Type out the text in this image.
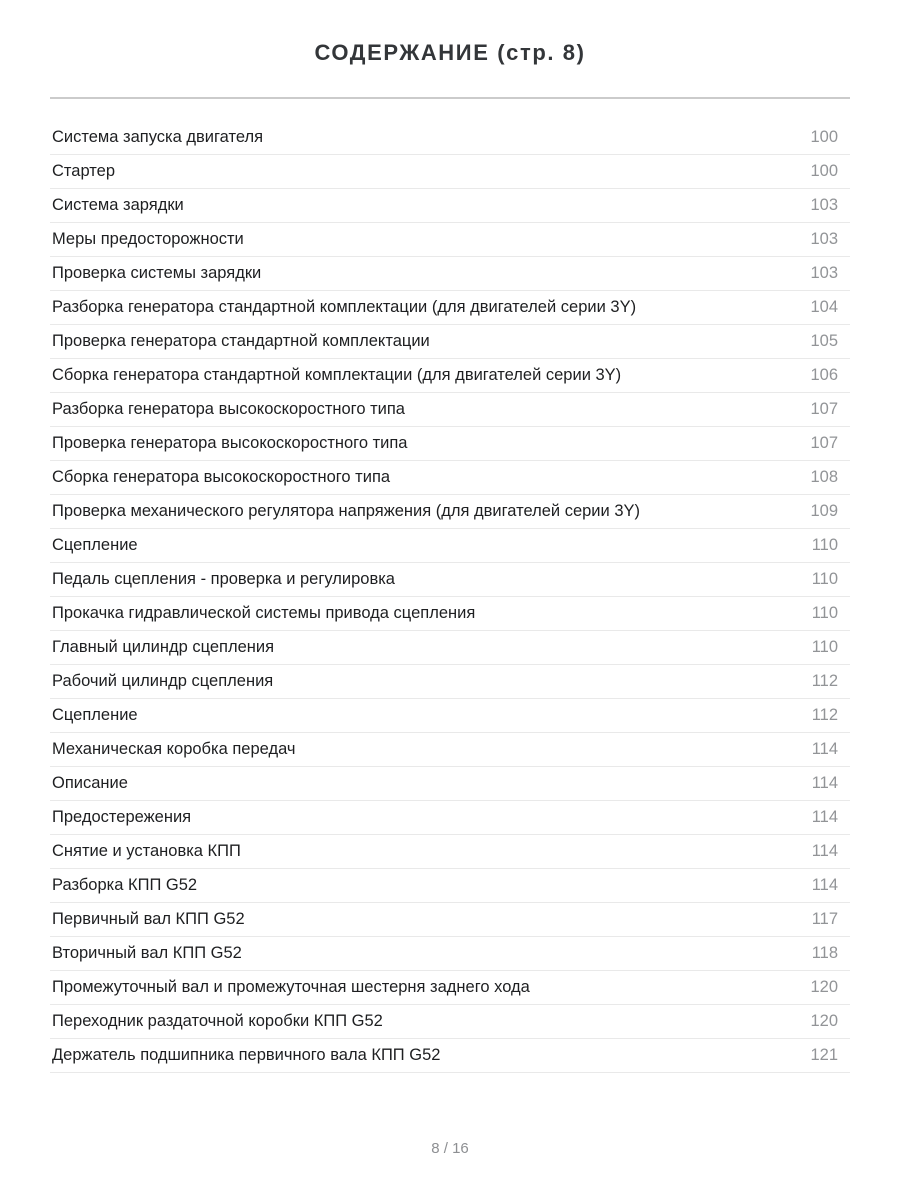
СОДЕРЖАНИЕ (стр. 8)
Система запуска двигателя	100
Стартер	100
Система зарядки	103
Меры предосторожности	103
Проверка системы зарядки	103
Разборка генератора стандартной комплектации (для двигателей серии 3Y)	104
Проверка генератора стандартной комплектации	105
Сборка генератора стандартной комплектации (для двигателей серии 3Y)	106
Разборка генератора высокоскоростного типа	107
Проверка генератора высокоскоростного типа	107
Сборка генератора высокоскоростного типа	108
Проверка механического регулятора напряжения (для двигателей серии 3Y)	109
Сцепление	110
Педаль сцепления - проверка и регулировка	110
Прокачка гидравлической системы привода сцепления	110
Главный цилиндр сцепления	110
Рабочий цилиндр сцепления	112
Сцепление	112
Механическая коробка передач	114
Описание	114
Предостережения	114
Снятие и установка КПП	114
Разборка КПП G52	114
Первичный вал КПП G52	117
Вторичный вал КПП G52	118
Промежуточный вал и промежуточная шестерня заднего хода	120
Переходник раздаточной коробки КПП G52	120
Держатель подшипника первичного вала КПП G52	121
8 / 16
